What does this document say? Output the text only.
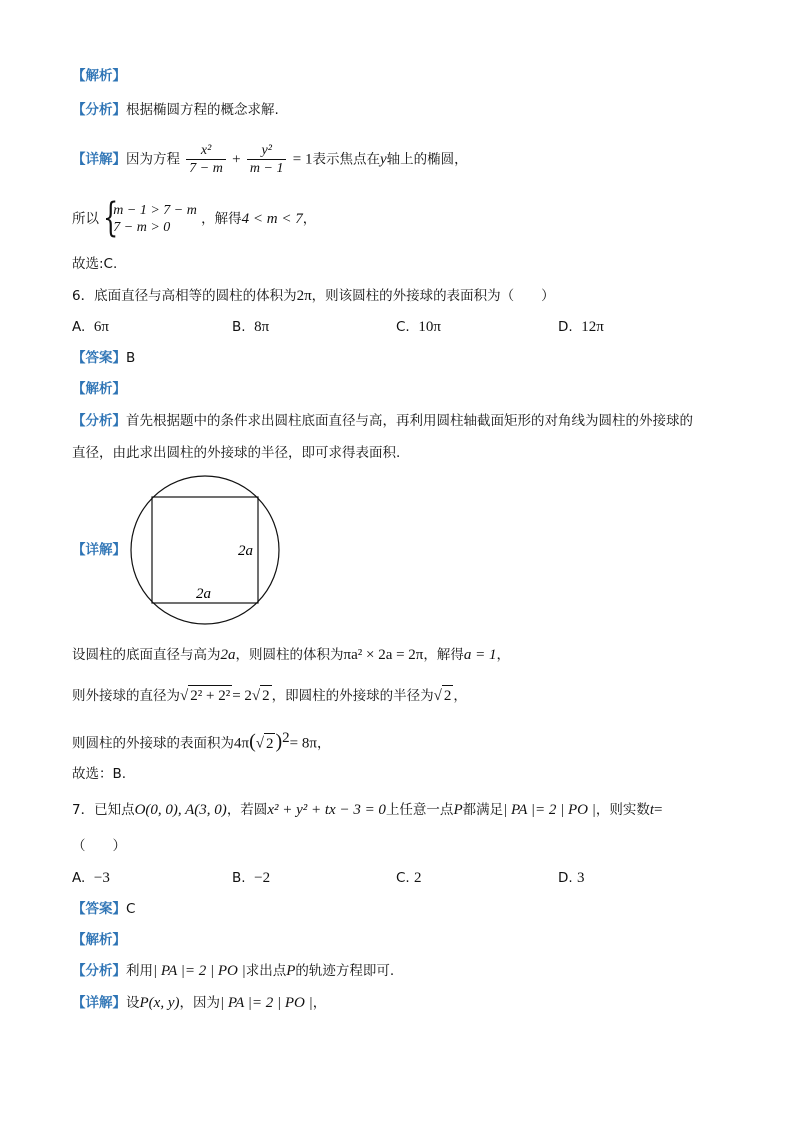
【解析】
【分析】根据椭圆方程的概念求解.
【详解】因为方程 $\frac{\text{x²}}{7 - m} + \frac{\text{y²}}{m - 1} = 1$表示焦点在y轴上的椭圆，
所以 {
m − 1 > 7 − m
7 − m > 0
，解得4 < m < 7，
故选:C.
6．底面直径与高相等的圆柱的体积为2π，则该圆柱的外接球的表面积为（　　）
A. 6π	B. 8π	C. 10π	D. 12π
【答案】B
【解析】
【分析】首先根据题中的条件求出圆柱底面直径与高，再利用圆柱轴截面矩形的对角线为圆柱的外接球的
直径，由此求出圆柱的外接球的半径，即可求得表面积.
【详解】	2a
2a
设圆柱的底面直径与高为2a，则圆柱的体积为πa² × 2a = 2π，解得a = 1，
则外接球的直径为√ 2² + 2² = 2√ 2 ，即圆柱的外接球的半径为√ 2 ，
则圆柱的外接球的表面积为4π(√ 2 )$^2$= 8π，
故选：B.
7．已知点O(0, 0), A(3, 0)，若圆x² + y² + tx − 3 = 0上任意一点P都满足| PA |= 2 | PO |，则实数t=
（　　）
A. −3	B. −2	C. 2	D. 3
【答案】C
【解析】
【分析】利用| PA |= 2 | PO |求出点P的轨迹方程即可.
【详解】设P(x, y)，因为| PA |= 2 | PO |，
